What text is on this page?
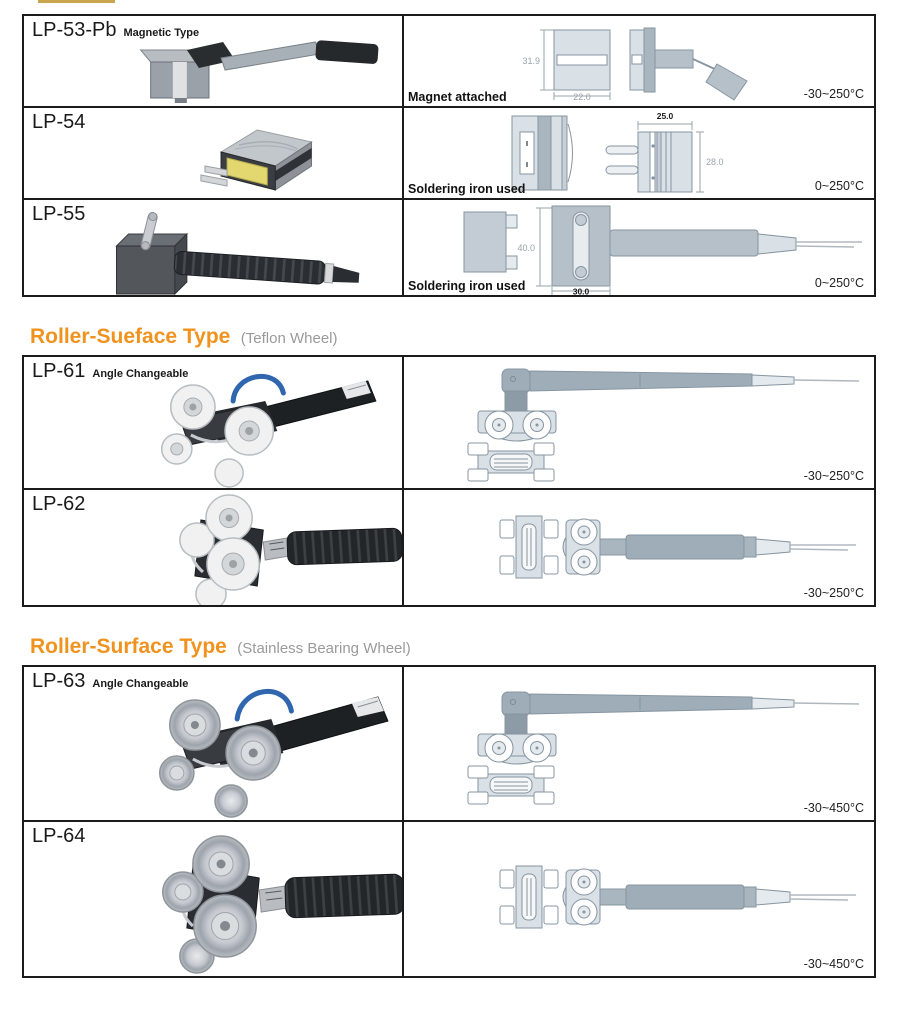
LP-53-Pb Magnetic Type
31.9
22.0
Magnet attached	-30~250°C
LP-54	25.0
28.0
Soldering iron used	0~250°C
LP-55
40.0
30.0
Soldering iron used	0~250°C
Roller-Sueface Type (Teflon Wheel)
LP-61 Angle Changeable
-30~250°C
LP-62
-30~250°C
Roller-Surface Type (Stainless Bearing Wheel)
LP-63 Angle Changeable
-30~450°C
LP-64
-30~450°C
